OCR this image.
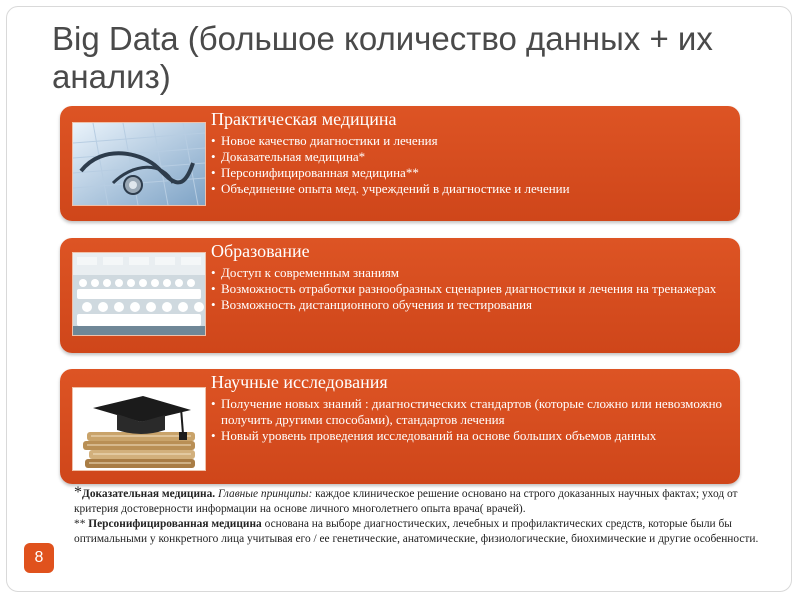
Big Data (большое количество данных + их анализ)
Практическая медицина
• Новое качество диагностики и лечения
• Доказательная медицина*
• Персонифицированная медицина**
• Объединение опыта мед. учреждений в диагностике и лечении
Образование
• Доступ к современным знаниям
• Возможность отработки разнообразных сценариев диагностики и лечения на тренажерах
• Возможность дистанционного обучения и тестирования
Научные исследования
• Получение новых знаний : диагностических стандартов (которые сложно или невозможно получить другими способами), стандартов лечения
• Новый уровень проведения исследований на основе больших объемов данных

*Доказательная медицина. Главные принципы: каждое клиническое решение основано на строго доказанных научных фактах; уход от критерия достоверности информации на основе личного многолетнего опыта врача( врачей).

** Персонифицированная медицина основана на выборе диагностических, лечебных и профилактических средств, которые были бы оптимальными у конкретного лица учитывая его / ее генетические, анатомические, физиологические, биохимические и другие особенности.

8
